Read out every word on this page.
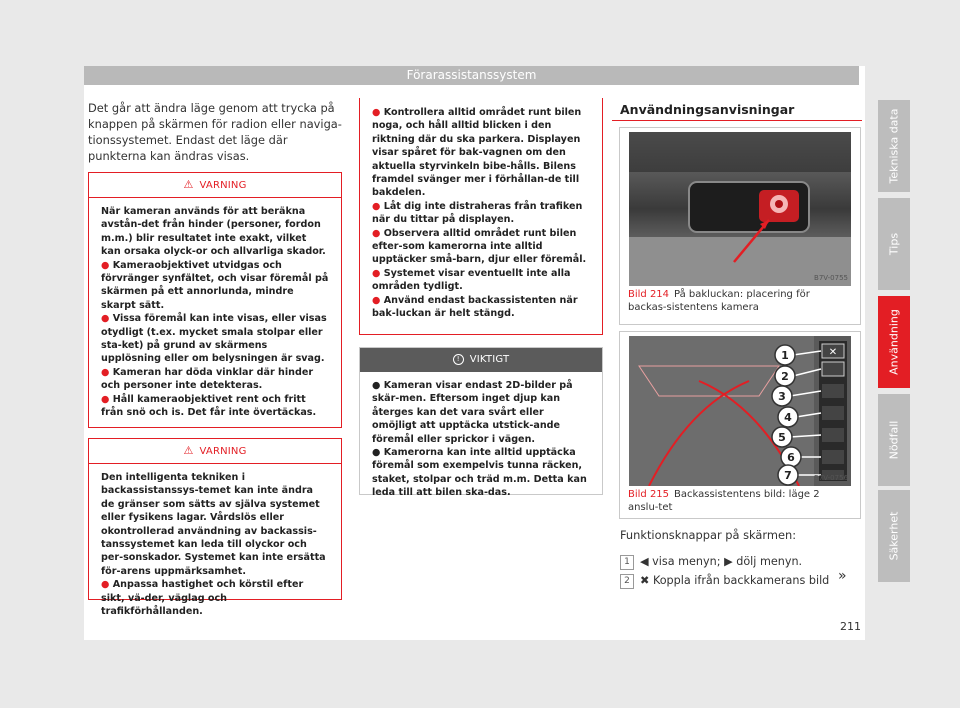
Förarassistanssystem

Det går att ändra läge genom att trycka på knappen på skärmen för radion eller naviga-tionssystemet. Endast det läge där punkterna kan ändras visas.

⚠ VARNING

När kameran används för att beräkna avstån-det från hinder (personer, fordon m.m.) blir resultatet inte exakt, vilket kan orsaka olyck-or och allvarliga skador.

● Kameraobjektivet utvidgas och förvränger synfältet, och visar föremål på skärmen på ett annorlunda, mindre skarpt sätt.

● Vissa föremål kan inte visas, eller visas otydligt (t.ex. mycket smala stolpar eller sta-ket) på grund av skärmens upplösning eller om belysningen är svag.

● Kameran har döda vinklar där hinder och personer inte detekteras.

● Håll kameraobjektivet rent och fritt från snö och is. Det får inte övertäckas.

⚠ VARNING

Den intelligenta tekniken i backassistanssys-temet kan inte ändra de gränser som sätts av själva systemet eller fysikens lagar. Vårdslös eller okontrollerad användning av backassis-tanssystemet kan leda till olyckor och per-sonskador. Systemet kan inte ersätta för-arens uppmärksamhet.

● Anpassa hastighet och körstil efter sikt, vä-der, väglag och trafikförhållanden.

● Kontrollera alltid området runt bilen noga, och håll alltid blicken i den riktning där du ska parkera. Displayen visar spåret för bak-vagnen om den aktuella styrvinkeln bibe-hålls. Bilens framdel svänger mer i förhållan-de till bakdelen.

● Låt dig inte distraheras från trafiken när du tittar på displayen.

● Observera alltid området runt bilen efter-som kamerorna inte alltid upptäcker små-barn, djur eller föremål.

● Systemet visar eventuellt inte alla områden tydligt.

● Använd endast backassistenten när bak-luckan är helt stängd.

! VIKTIGT

● Kameran visar endast 2D-bilder på skär-men. Eftersom inget djup kan återges kan det vara svårt eller omöjligt att upptäcka utstick-ande föremål eller sprickor i vägen.

● Kamerorna kan inte alltid upptäcka föremål som exempelvis tunna räcken, staket, stolpar och träd m.m. Detta kan leda till att bilen ska-das.

Användningsanvisningar
B7V-0755
Bild 214 På bakluckan: placering för backas-sistentens kamera
✕
1
2
3
4
5
6
7	B7V-0756
Bild 215 Backassistentens bild: läge 2 anslu-tet
Funktionsknappar på skärmen:
1 ◀ visa menyn; ▶ dölj menyn.
2 ✖ Koppla ifrån backkamerans bild »
211
Tekniska data
Tips
Användning
Nödfall
Säkerhet
